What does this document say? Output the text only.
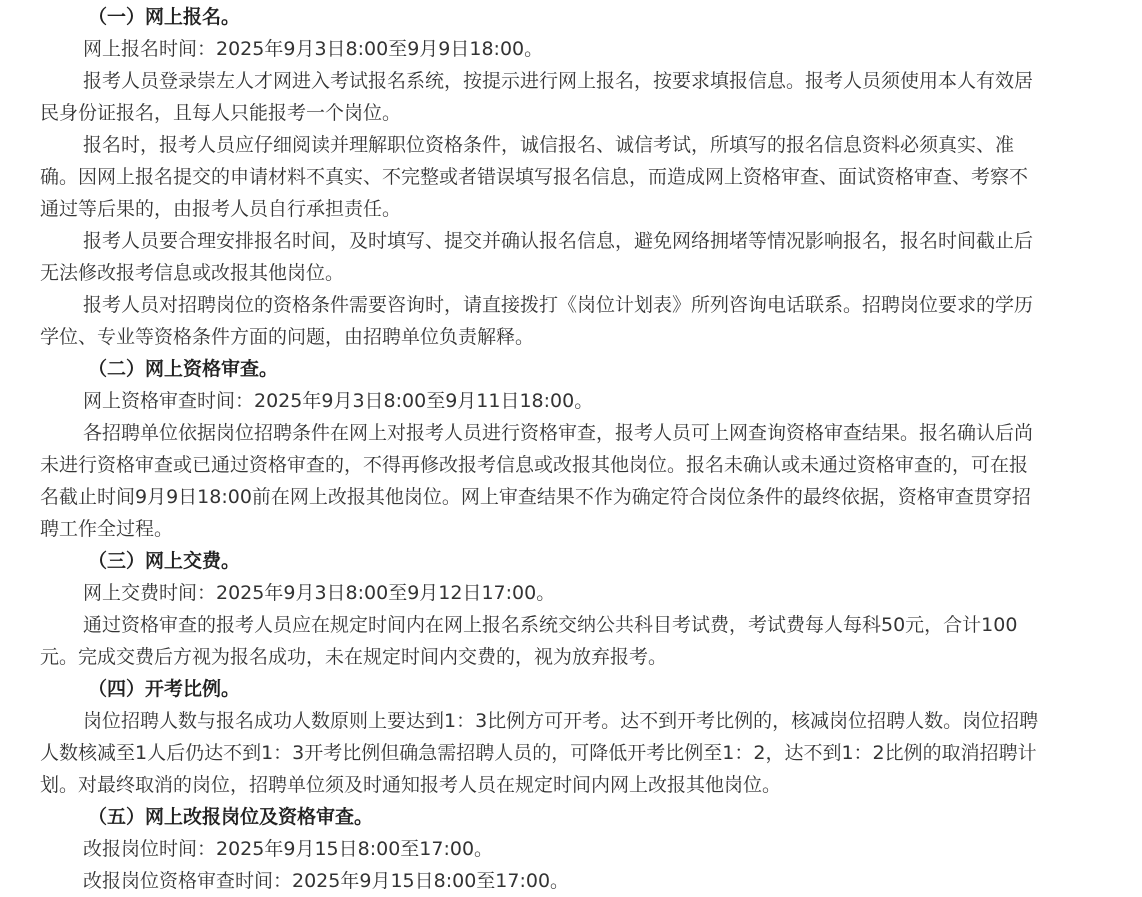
（一）网上报名。
网上报名时间：2025年9月3日8:00至9月9日18:00。
报考人员登录崇左人才网进入考试报名系统，按提示进行网上报名，按要求填报信息。报考人员须使用本人有效居
民身份证报名，且每人只能报考一个岗位。
报名时，报考人员应仔细阅读并理解职位资格条件，诚信报名、诚信考试，所填写的报名信息资料必须真实、准
确。因网上报名提交的申请材料不真实、不完整或者错误填写报名信息，而造成网上资格审查、面试资格审查、考察不
通过等后果的，由报考人员自行承担责任。
报考人员要合理安排报名时间，及时填写、提交并确认报名信息，避免网络拥堵等情况影响报名，报名时间截止后
无法修改报考信息或改报其他岗位。
报考人员对招聘岗位的资格条件需要咨询时，请直接拨打《岗位计划表》所列咨询电话联系。招聘岗位要求的学历
学位、专业等资格条件方面的问题，由招聘单位负责解释。
（二）网上资格审查。
网上资格审查时间：2025年9月3日8:00至9月11日18:00。
各招聘单位依据岗位招聘条件在网上对报考人员进行资格审查，报考人员可上网查询资格审查结果。报名确认后尚
未进行资格审查或已通过资格审查的，不得再修改报考信息或改报其他岗位。报名未确认或未通过资格审查的，可在报
名截止时间9月9日18:00前在网上改报其他岗位。网上审查结果不作为确定符合岗位条件的最终依据，资格审查贯穿招
聘工作全过程。
（三）网上交费。
网上交费时间：2025年9月3日8:00至9月12日17:00。
通过资格审查的报考人员应在规定时间内在网上报名系统交纳公共科目考试费，考试费每人每科50元，合计100
元。完成交费后方视为报名成功，未在规定时间内交费的，视为放弃报考。
（四）开考比例。
岗位招聘人数与报名成功人数原则上要达到1：3比例方可开考。达不到开考比例的，核减岗位招聘人数。岗位招聘
人数核减至1人后仍达不到1：3开考比例但确急需招聘人员的，可降低开考比例至1：2，达不到1：2比例的取消招聘计
划。对最终取消的岗位，招聘单位须及时通知报考人员在规定时间内网上改报其他岗位。
（五）网上改报岗位及资格审查。
改报岗位时间：2025年9月15日8:00至17:00。
改报岗位资格审查时间：2025年9月15日8:00至17:00。
